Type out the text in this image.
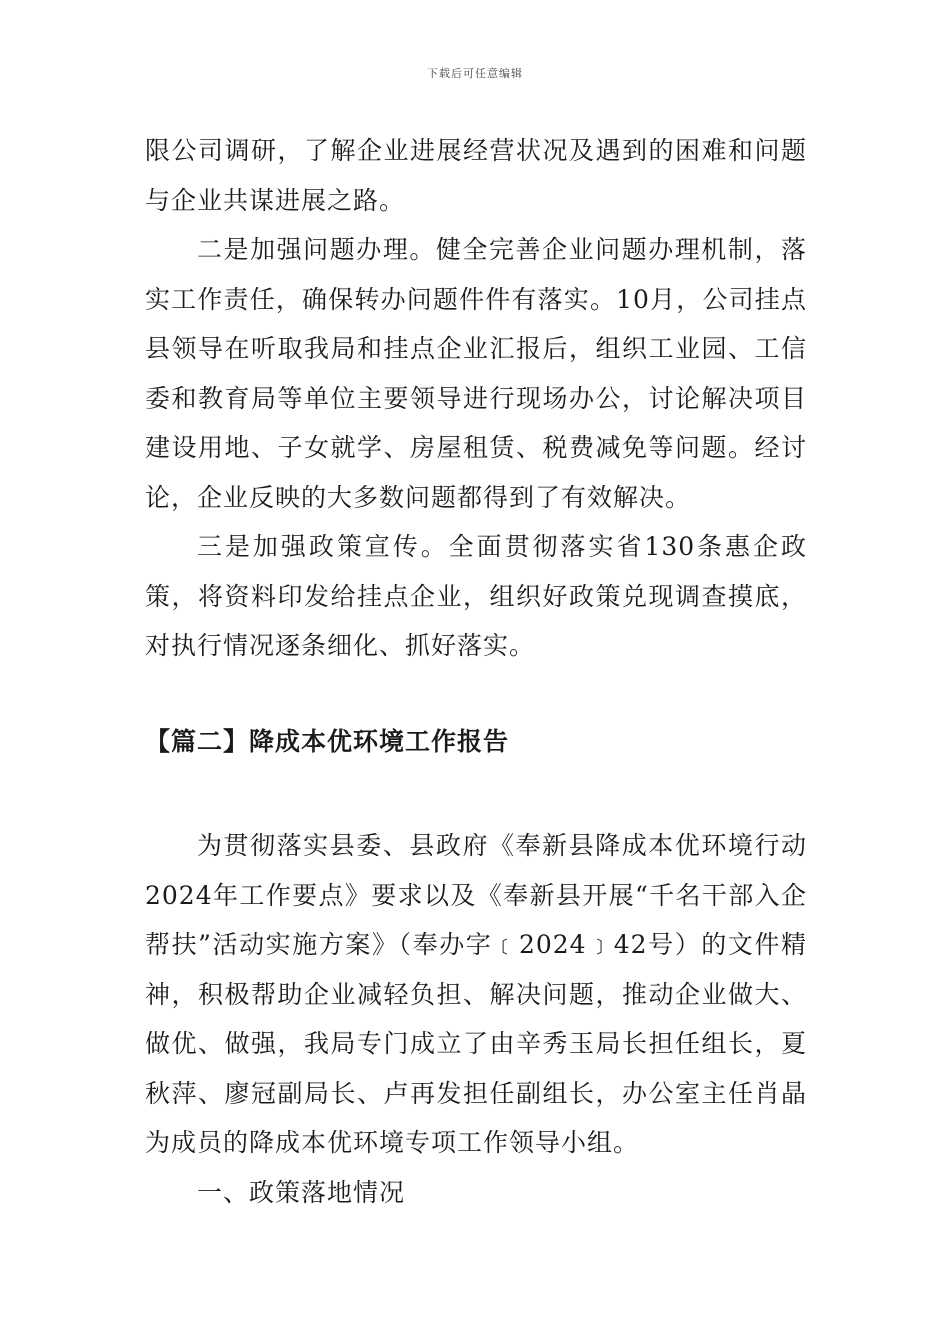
下载后可任意编辑

限公司调研，了解企业进展经营状况及遇到的困难和问题与企业共谋进展之路。

二是加强问题办理。健全完善企业问题办理机制，落实工作责任，确保转办问题件件有落实。10月，公司挂点县领导在听取我局和挂点企业汇报后，组织工业园、工信委和教育局等单位主要领导进行现场办公，讨论解决项目建设用地、子女就学、房屋租赁、税费减免等问题。经讨论，企业反映的大多数问题都得到了有效解决。

三是加强政策宣传。全面贯彻落实省130条惠企政策，将资料印发给挂点企业，组织好政策兑现调查摸底，对执行情况逐条细化、抓好落实。

【篇二】降成本优环境工作报告

为贯彻落实县委、县政府《奉新县降成本优环境行动2024年工作要点》要求以及《奉新县开展“千名干部入企帮扶”活动实施方案》（奉办字﹝2024﹞42号）的文件精神，积极帮助企业减轻负担、解决问题，推动企业做大、做优、做强，我局专门成立了由辛秀玉局长担任组长，夏秋萍、廖冠副局长、卢再发担任副组长，办公室主任肖晶为成员的降成本优环境专项工作领导小组。

一、政策落地情况
